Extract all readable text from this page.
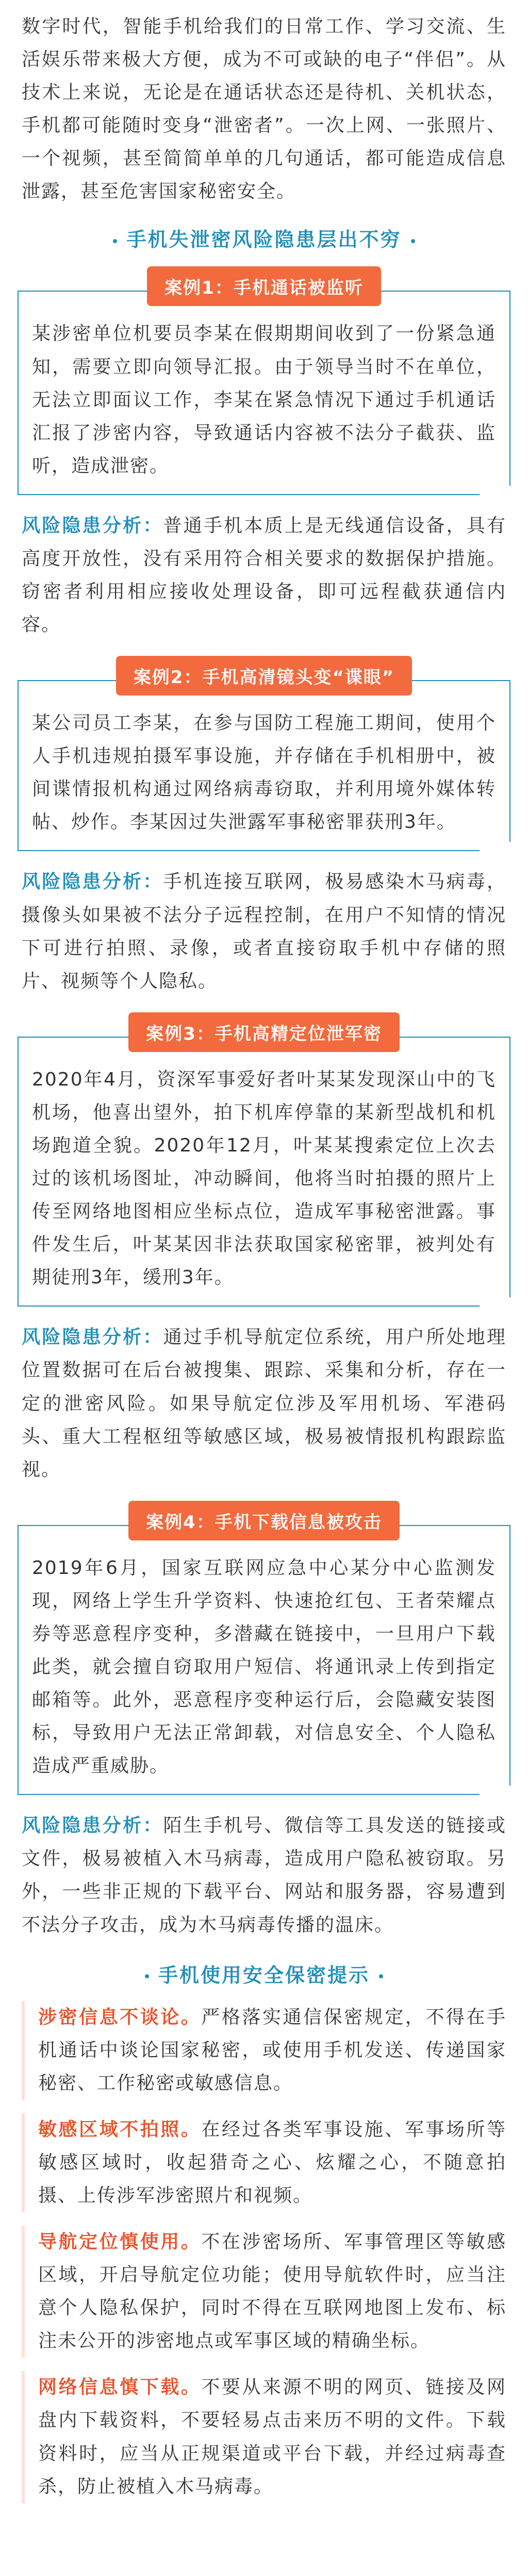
数字时代，智能手机给我们的日常工作、学习交流、生活娱乐带来极大方便，成为不可或缺的电子“伴侣”。从技术上来说，无论是在通话状态还是待机、关机状态，手机都可能随时变身“泄密者”。一次上网、一张照片、一个视频，甚至简简单单的几句通话，都可能造成信息泄露，甚至危害国家秘密安全。

手机失泄密风险隐患层出不穷
案例1：手机通话被监听

某涉密单位机要员李某在假期期间收到了一份紧急通知，需要立即向领导汇报。由于领导当时不在单位，无法立即面议工作，李某在紧急情况下通过手机通话汇报了涉密内容，导致通话内容被不法分子截获、监听，造成泄密。

风险隐患分析：普通手机本质上是无线通信设备，具有高度开放性，没有采用符合相关要求的数据保护措施。窃密者利用相应接收处理设备，即可远程截获通信内容。

案例2：手机高清镜头变“谍眼”

某公司员工李某，在参与国防工程施工期间，使用个人手机违规拍摄军事设施，并存储在手机相册中，被间谍情报机构通过网络病毒窃取，并利用境外媒体转帖、炒作。李某因过失泄露军事秘密罪获刑3年。

风险隐患分析：手机连接互联网，极易感染木马病毒，摄像头如果被不法分子远程控制，在用户不知情的情况下可进行拍照、录像，或者直接窃取手机中存储的照片、视频等个人隐私。

案例3：手机高精定位泄军密

2020年4月，资深军事爱好者叶某某发现深山中的飞机场，他喜出望外，拍下机库停靠的某新型战机和机场跑道全貌。2020年12月，叶某某搜索定位上次去过的该机场图址，冲动瞬间，他将当时拍摄的照片上传至网络地图相应坐标点位，造成军事秘密泄露。事件发生后，叶某某因非法获取国家秘密罪，被判处有期徒刑3年，缓刑3年。

风险隐患分析：通过手机导航定位系统，用户所处地理位置数据可在后台被搜集、跟踪、采集和分析，存在一定的泄密风险。如果导航定位涉及军用机场、军港码头、重大工程枢纽等敏感区域，极易被情报机构跟踪监视。

案例4：手机下载信息被攻击

2019年6月，国家互联网应急中心某分中心监测发现，网络上学生升学资料、快速抢红包、王者荣耀点券等恶意程序变种，多潜藏在链接中，一旦用户下载此类，就会擅自窃取用户短信、将通讯录上传到指定邮箱等。此外，恶意程序变种运行后，会隐藏安装图标，导致用户无法正常卸载，对信息安全、个人隐私造成严重威胁。

风险隐患分析：陌生手机号、微信等工具发送的链接或文件，极易被植入木马病毒，造成用户隐私被窃取。另外，一些非正规的下载平台、网站和服务器，容易遭到不法分子攻击，成为木马病毒传播的温床。

手机使用安全保密提示

涉密信息不谈论。严格落实通信保密规定，不得在手机通话中谈论国家秘密，或使用手机发送、传递国家秘密、工作秘密或敏感信息。

敏感区域不拍照。在经过各类军事设施、军事场所等敏感区域时，收起猎奇之心、炫耀之心，不随意拍摄、上传涉军涉密照片和视频。

导航定位慎使用。不在涉密场所、军事管理区等敏感区域，开启导航定位功能；使用导航软件时，应当注意个人隐私保护，同时不得在互联网地图上发布、标注未公开的涉密地点或军事区域的精确坐标。

网络信息慎下载。不要从来源不明的网页、链接及网盘内下载资料，不要轻易点击来历不明的文件。下载资料时，应当从正规渠道或平台下载，并经过病毒查杀，防止被植入木马病毒。
